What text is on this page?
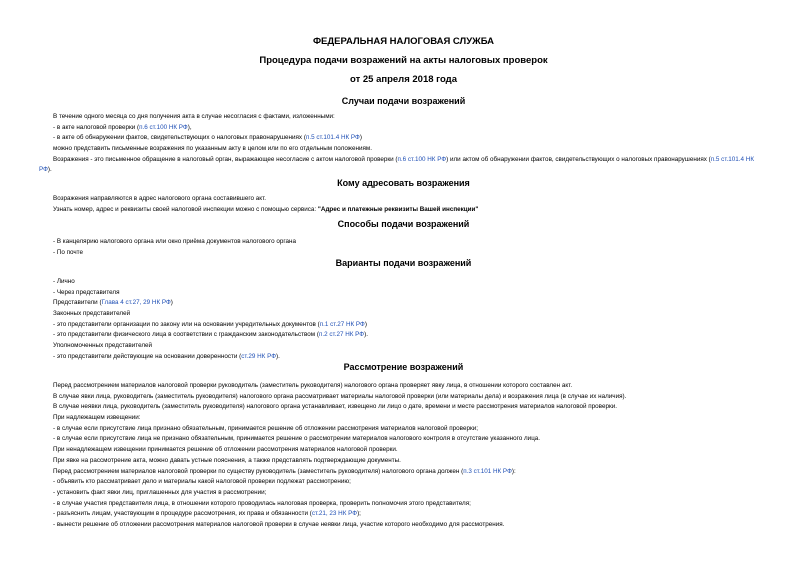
ФЕДЕРАЛЬНАЯ НАЛОГОВАЯ СЛУЖБА
Процедура подачи возражений на акты налоговых проверок
от 25 апреля 2018 года
Случаи подачи возражений
В течение одного месяца со дня получения акта в случае несогласия с фактами, изложенными:
- в акте налоговой проверки (п.6 ст.100 НК РФ),
- в акте об обнаружении фактов, свидетельствующих о налоговых правонарушениях (п.5 ст.101.4 НК РФ)
можно представить письменные возражения по указанным акту в целом или по его отдельным положениям.
Возражения - это письменное обращение в налоговый орган, выражающее несогласие с актом налоговой проверки (п.6 ст.100 НК РФ) или актом об обнаружении фактов, свидетельствующих о налоговых правонарушениях (п.5 ст.101.4 НК РФ).
Кому адресовать возражения
Возражения направляются в адрес налогового органа составившего акт.
Узнать номер, адрес и реквизиты своей налоговой инспекции можно с помощью сервиса: "Адрес и платежные реквизиты Вашей инспекции"
Способы подачи возражений
- В канцелярию налогового органа или окно приёма документов налогового органа
- По почте
Варианты подачи возражений
- Лично
- Через представителя
Представители (Глава 4 ст.27, 29 НК РФ)
Законных представителей
- это представители организации по закону или на основании учредительных документов (п.1 ст.27 НК РФ)
- это представители физического лица в соответствии с гражданским законодательством (п.2 ст.27 НК РФ).
Уполномоченных представителей
- это представители действующие на основании доверенности (ст.29 НК РФ).
Рассмотрение возражений
Перед рассмотрением материалов налоговой проверки руководитель (заместитель руководителя) налогового органа проверяет явку лица, в отношении которого составлен акт.
В случае явки лица, руководитель (заместитель руководителя) налогового органа рассматривает материалы налоговой проверки (или материалы дела) и возражения лица (в случае их наличия).
В случае неявки лица, руководитель (заместитель руководителя) налогового органа устанавливает, извещено ли лицо о дате, времени и месте рассмотрения материалов налоговой проверки.
При надлежащем извещении:
- в случае если присутствие лица признано обязательным, принимается решение об отложении рассмотрения материалов налоговой проверки;
- в случае если присутствие лица не признано обязательным, принимается решение о рассмотрении материалов налогового контроля в отсутствие указанного лица.
При ненадлежащем извещении принимается решение об отложении рассмотрения материалов налоговой проверки.
При явке на рассмотрение акта, можно давать устные пояснения, а также представлять подтверждающие документы.
Перед рассмотрением материалов налоговой проверки по существу руководитель (заместитель руководителя) налогового органа должен (п.3 ст.101 НК РФ):
- объявить кто рассматривает дело и материалы какой налоговой проверки подлежат рассмотрению;
- установить факт явки лиц, приглашенных для участия в рассмотрении;
- в случае участия представителя лица, в отношении которого проводилась налоговая проверка, проверить полномочия этого представителя;
- разъяснить лицам, участвующим в процедуре рассмотрения, их права и обязанности (ст.21, 23 НК РФ);
- вынести решение об отложении рассмотрения материалов налоговой проверки в случае неявки лица, участие которого необходимо для рассмотрения.
